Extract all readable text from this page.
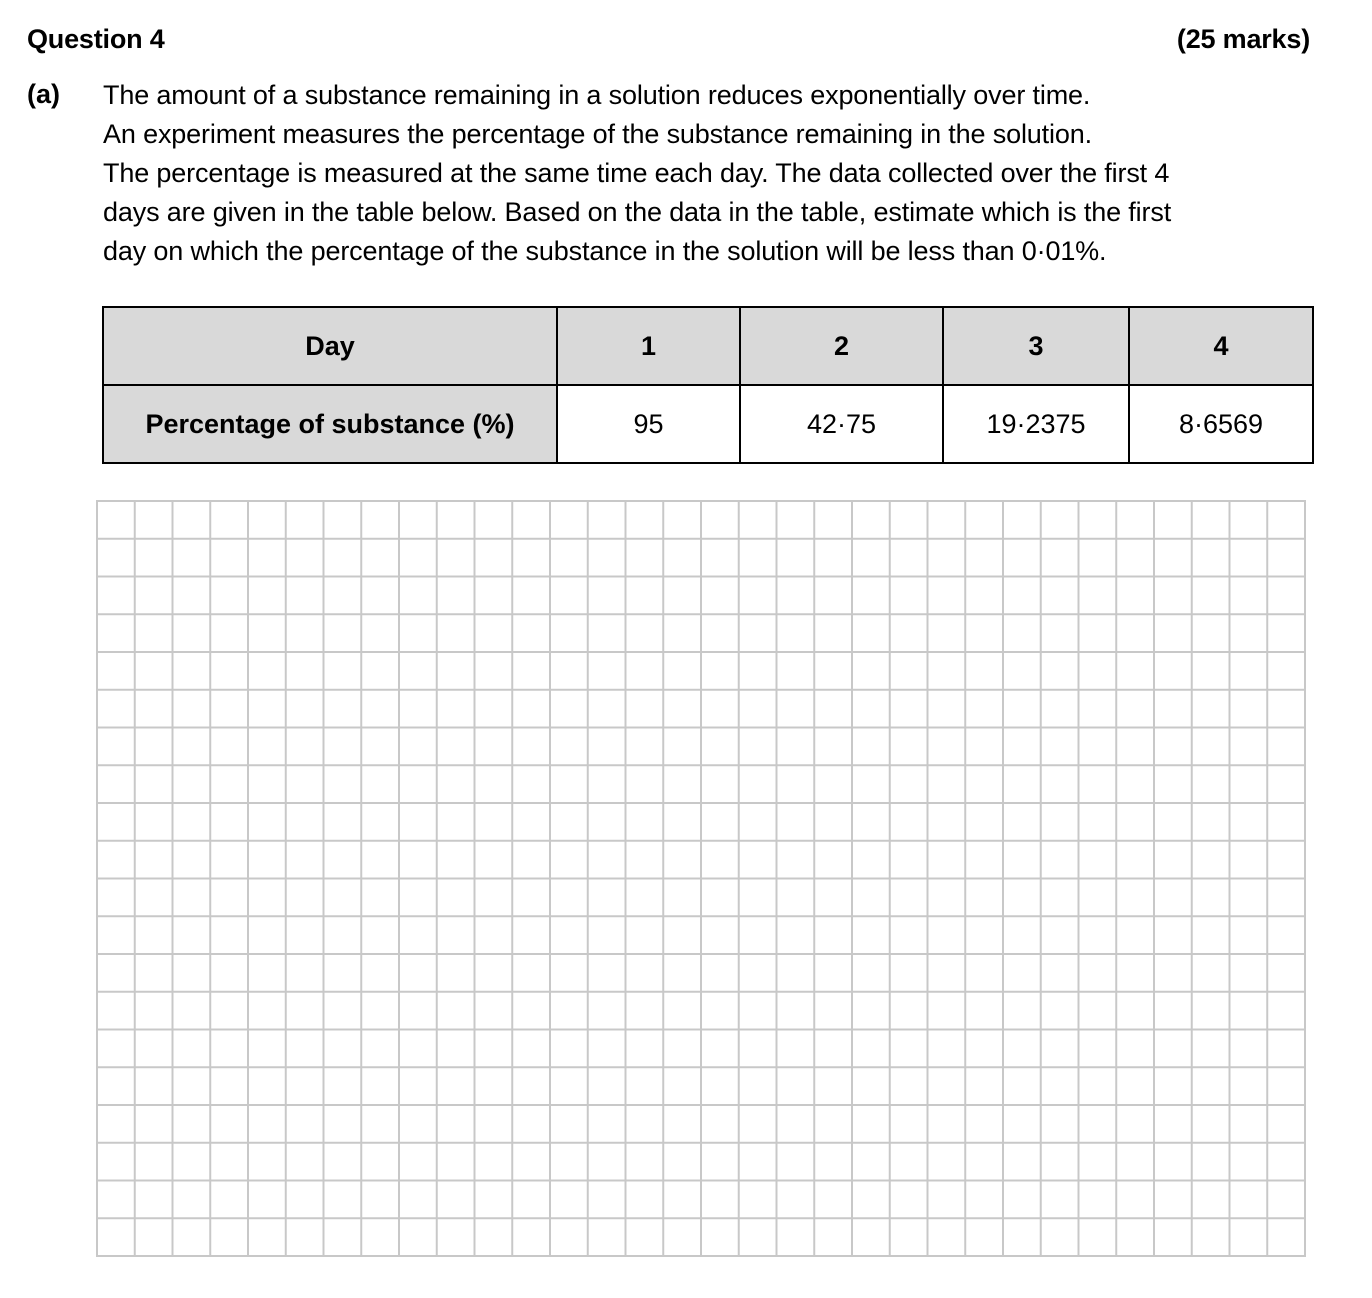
Question 4	(25 marks)
(a) The amount of a substance remaining in a solution reduces exponentially over time.
An experiment measures the percentage of the substance remaining in the solution.
The percentage is measured at the same time each day. The data collected over the first 4
days are given in the table below. Based on the data in the table, estimate which is the first
day on which the percentage of the substance in the solution will be less than 0·01%.
Day	1	2	3	4
Percentage of substance (%)	95	42·75	19·2375	8·6569
